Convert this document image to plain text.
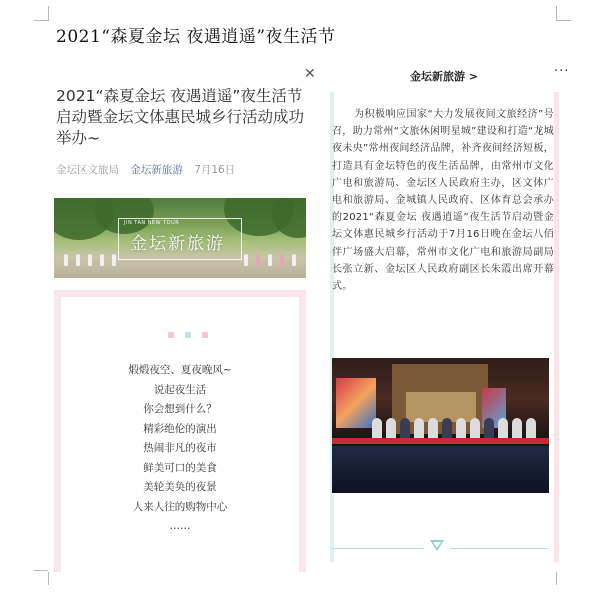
2021“森夏金坛 夜遇逍遥”夜生活节
2021“森夏金坛 夜遇逍遥”夜生活节启动暨金坛文体惠民城乡行活动成功举办~
金坛区文旅局 金坛新旅游 7月16日
JIN TAN NEW TOUR
金坛新旅游

煅煅夜空、夏夜晚风~
说起夜生活
你会想到什么？
精彩绝伦的演出
热闹非凡的夜市
鲜美可口的美食
美轮美奂的夜景
人来人往的购物中心
……
✕	金坛新旅游 >	···
为积极响应国家“大力发展夜间文旅经济”号召，助力常州“文旅休闲明星城”建设和打造“龙城夜未央”常州夜间经济品牌，补齐夜间经济短板，打造具有金坛特色的夜生活品牌，由常州市文化广电和旅游局、金坛区人民政府主办，区文体广电和旅游局、金城镇人民政府、区体育总会承办的2021“森夏金坛 夜遇逍遥”夜生活节启动暨金坛文体惠民城乡行活动于7月16日晚在金坛八佰伴广场盛大启幕，常州市文化广电和旅游局副局长张立新、金坛区人民政府副区长朱霞出席开幕式。
